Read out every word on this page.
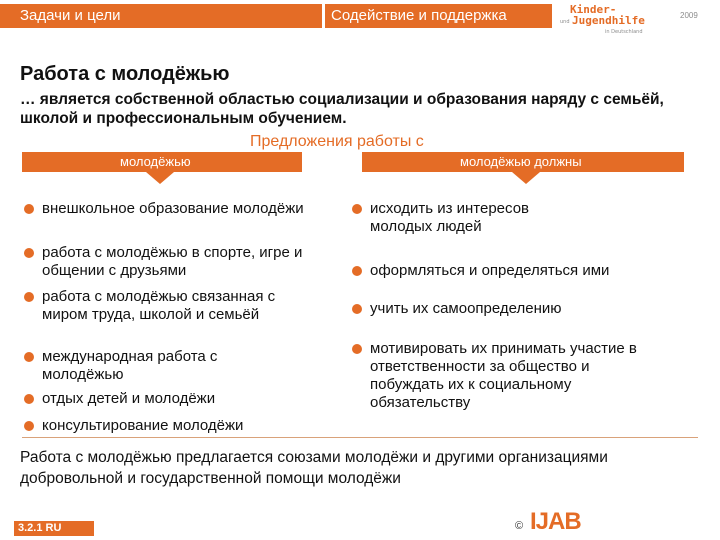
Задачи и цели	Содействие и поддержка	Kinder-
und Jugendhilfe
in Deutschland
2009
Работа с молодёжью
… является собственной областью социализации и образования наряду с семьёй, школой и профессиональным обучением.
Предложения работы с
молодёжью	молодёжью должны
внешкольное образование молодёжи
работа с молодёжью в спорте, игре и общении с друзьями
работа с молодёжью связанная с миром труда, школой и семьёй
международная работа с молодёжью
отдых детей и молодёжи
консультирование молодёжи
исходить из интересов молодых людей
оформляться и определяться ими
учить их самоопределению
мотивировать их принимать участие в ответственности за общество и побуждать их к социальному обязательству
Работа с молодёжью предлагается союзами молодёжи и другими организациями добровольной и государственной помощи молодёжи
3.2.1 RU	© IJAB
